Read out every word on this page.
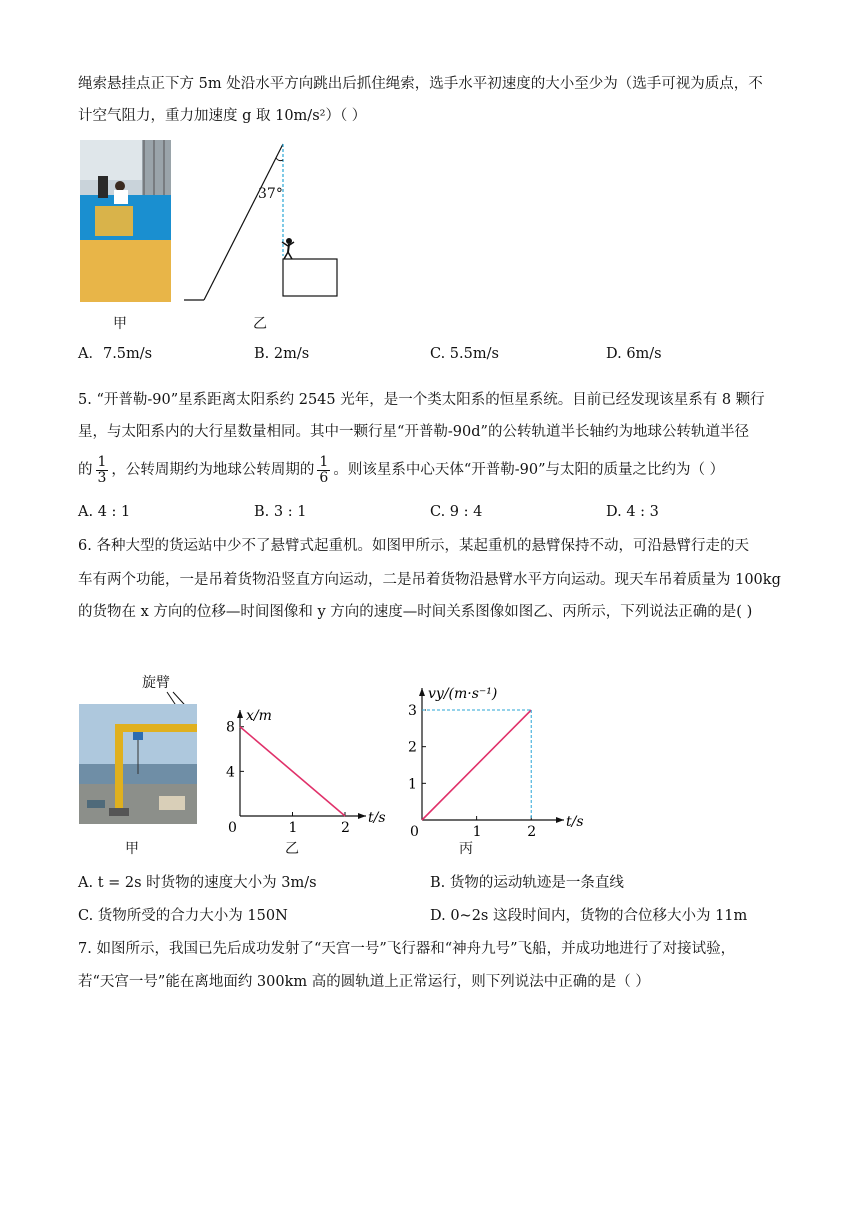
绳索悬挂点正下方 5m 处沿水平方向跳出后抓住绳索，选手水平初速度的大小至少为（选手可视为质点，不
计空气阻力，重力加速度 g 取 10m/s²）（ ）
37°
甲	乙
A．7.5m/s	B. 2m/s	C. 5.5m/s	D. 6m/s
5. “开普勒-90”星系距离太阳系约 2545 光年，是一个类太阳系的恒星系统。目前已经发现该星系有 8 颗行
星，与太阳系内的大行星数量相同。其中一颗行星“开普勒-90d”的公转轨道半长轴约为地球公转轨道半径
的 $\frac{1}{3}$ ，公转周期约为地球公转周期的 $\frac{1}{6}$ 。则该星系中心天体“开普勒-90”与太阳的质量之比约为（ ）
A. 4 : 1	B. 3 : 1	C. 9 : 4	D. 4 : 3
6. 各种大型的货运站中少不了悬臂式起重机。如图甲所示，某起重机的悬臂保持不动，可沿悬臂行走的天
车有两个功能，一是吊着货物沿竖直方向运动，二是吊着货物沿悬臂水平方向运动。现天车吊着质量为 100kg
的货物在 x 方向的位移—时间图像和 y 方向的速度—时间关系图像如图乙、丙所示，下列说法正确的是( )
旋臂
t/s
x/m
0	1	2
4
8
t/s
vy/(m·s⁻¹)
0	1	2
1
2
3
甲	乙	丙
A. t = 2s 时货物的速度大小为 3m/s	B. 货物的运动轨迹是一条直线
C. 货物所受的合力大小为 150N	D. 0~2s 这段时间内，货物的合位移大小为 11m
7. 如图所示，我国已先后成功发射了“天宫一号”飞行器和“神舟九号”飞船，并成功地进行了对接试验，
若“天宫一号”能在离地面约 300km 高的圆轨道上正常运行，则下列说法中正确的是（ ）
